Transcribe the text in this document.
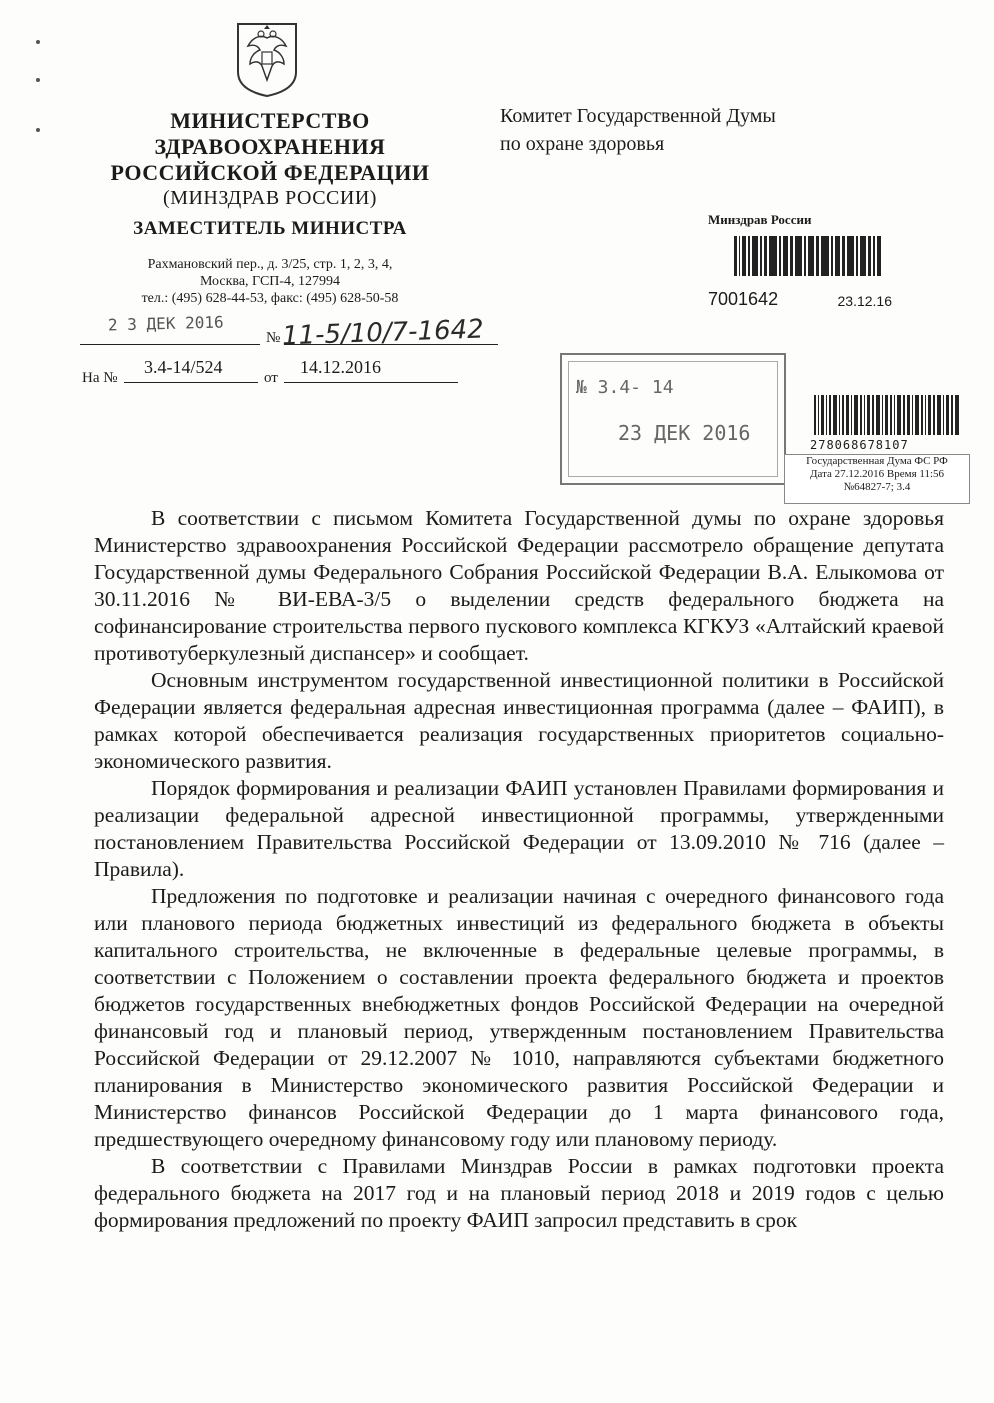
МИНИСТЕРСТВО
ЗДРАВООХРАНЕНИЯ
РОССИЙСКОЙ ФЕДЕРАЦИИ
(МИНЗДРАВ РОССИИ)
ЗАМЕСТИТЕЛЬ МИНИСТРА
Рахмановский пер., д. 3/25, стр. 1, 2, 3, 4,
Москва, ГСП-4, 127994
тел.: (495) 628-44-53, факс: (495) 628-50-58
Комитет Государственной Думы
по охране здоровья
2 3 ДЕК 2016
№ 11-5/10/7-1642
На №
3.4-14/524
от
14.12.2016
Минздрав России
7001642	23.12.16
№ 3.4- 14
23 ДЕК 2016	278068678107
Государственная Дума ФС РФ
Дата 27.12.2016 Время 11:56
№64827-7; 3.4

В соответствии с письмом Комитета Государственной думы по охране здоровья Министерство здравоохранения Российской Федерации рассмотрело обращение депутата Государственной думы Федерального Собрания Российской Федерации В.А. Елыкомова от 30.11.2016 № ВИ-ЕВА-3/5 о выделении средств федерального бюджета на софинансирование строительства первого пускового комплекса КГКУЗ «Алтайский краевой противотуберкулезный диспансер» и сообщает.

Основным инструментом государственной инвестиционной политики в Российской Федерации является федеральная адресная инвестиционная программа (далее – ФАИП), в рамках которой обеспечивается реализация государственных приоритетов социально-экономического развития.

Порядок формирования и реализации ФАИП установлен Правилами формирования и реализации федеральной адресной инвестиционной программы, утвержденными постановлением Правительства Российской Федерации от 13.09.2010 № 716 (далее – Правила).

Предложения по подготовке и реализации начиная с очередного финансового года или планового периода бюджетных инвестиций из федерального бюджета в объекты капитального строительства, не включенные в федеральные целевые программы, в соответствии с Положением о составлении проекта федерального бюджета и проектов бюджетов государственных внебюджетных фондов Российской Федерации на очередной финансовый год и плановый период, утвержденным постановлением Правительства Российской Федерации от 29.12.2007 № 1010, направляются субъектами бюджетного планирования в Министерство экономического развития Российской Федерации и Министерство финансов Российской Федерации до 1 марта финансового года, предшествующего очередному финансовому году или плановому периоду.

В соответствии с Правилами Минздрав России в рамках подготовки проекта федерального бюджета на 2017 год и на плановый период 2018 и 2019 годов с целью формирования предложений по проекту ФАИП запросил представить в срок
